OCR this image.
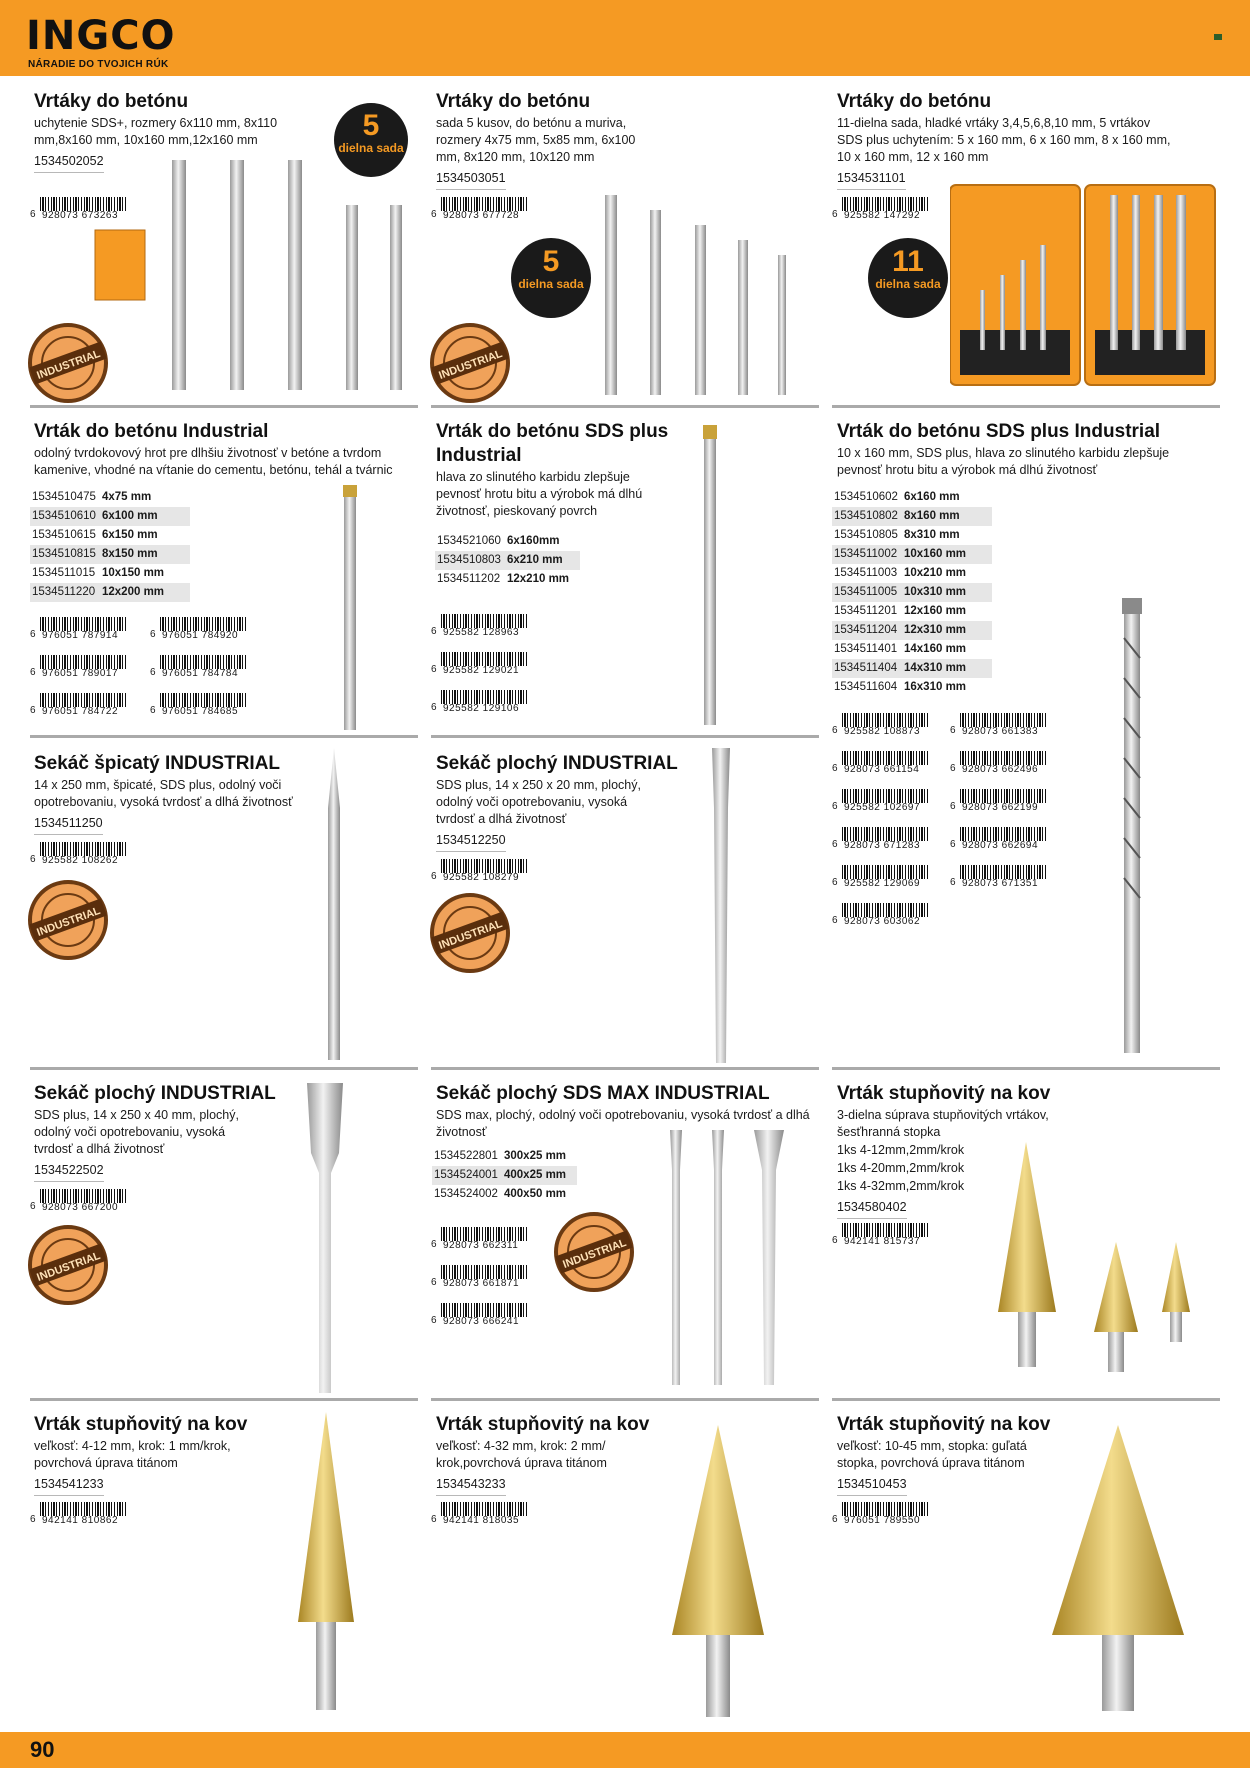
INGCO
NÁRADIE DO TVOJICH RÚK
Vrtáky do betónu

uchytenie SDS+, rozmery 6x110 mm, 8x110 mm,8x160 mm, 10x160 mm,12x160 mm

1534502052
6 928073 673263
5
dielna sada
INDUSTRIAL
Vrtáky do betónu

sada 5 kusov, do betónu a muriva, rozmery 4x75 mm, 5x85 mm, 6x100 mm, 8x120 mm, 10x120 mm

1534503051
6 928073 677728
5
dielna sada
INDUSTRIAL
Vrtáky do betónu

11-dielna sada, hladké vrtáky 3,4,5,6,8,10 mm, 5 vrtákov SDS plus uchytením: 5 x 160 mm, 6 x 160 mm, 8 x 160 mm, 10 x 160 mm, 12 x 160 mm

1534531101
6 925582 147292
11
dielna sada
Vrták do betónu Industrial

odolný tvrdokovový hrot pre dlhšiu životnosť v betóne a tvrdom kamenive, vhodné na vŕtanie do cementu, betónu, tehál a tvárnic

1534510475 4x75 mm
1534510610 6x100 mm
1534510615 6x150 mm
1534510815 8x150 mm
1534511015 10x150 mm
1534511220 12x200 mm
6 976051 787914	6 976051 784920
6 976051 789017	6 976051 784784
6 976051 784722	6 976051 784685
Vrták do betónu SDS plus Industrial

hlava zo slinutého karbidu zlepšuje pevnosť hrotu bitu a výrobok má dlhú životnosť, pieskovaný povrch

1534521060 6x160mm
1534510803 6x210 mm
1534511202 12x210 mm
6 925582 128963
6 925582 129021
6 925582 129106
Vrták do betónu SDS plus Industrial

10 x 160 mm, SDS plus, hlava zo slinutého karbidu zlepšuje pevnosť hrotu bitu a výrobok má dlhú životnosť

1534510602 6x160 mm
1534510802 8x160 mm
1534510805 8x310 mm
1534511002 10x160 mm
1534511003 10x210 mm
1534511005 10x310 mm
1534511201 12x160 mm
1534511204 12x310 mm
1534511401 14x160 mm
1534511404 14x310 mm
1534511604 16x310 mm
6 925582 108873	6 928073 661383
6 928073 661154	6 928073 662496
6 925582 102697	6 928073 662199
6 928073 671283	6 928073 662694
6 925582 129069	6 928073 671351
6 928073 603062
Sekáč špicatý INDUSTRIAL

14 x 250 mm, špicaté, SDS plus, odolný voči opotrebovaniu, vysoká tvrdosť a dlhá životnosť

1534511250
6 925582 108262
INDUSTRIAL
Sekáč plochý INDUSTRIAL

SDS plus, 14 x 250 x 20 mm, plochý, odolný voči opotrebovaniu, vysoká tvrdosť a dlhá životnosť

1534512250
6 925582 108279
INDUSTRIAL
Sekáč plochý INDUSTRIAL

SDS plus, 14 x 250 x 40 mm, plochý, odolný voči opotrebovaniu, vysoká tvrdosť a dlhá životnosť

1534522502
6 928073 667200
INDUSTRIAL
Sekáč plochý SDS MAX INDUSTRIAL

SDS max, plochý, odolný voči opotrebovaniu, vysoká tvrdosť a dlhá životnosť

1534522801 300x25 mm
1534524001 400x25 mm
1534524002 400x50 mm
6 928073 662311
6 928073 661871
6 928073 666241
INDUSTRIAL
Vrták stupňovitý na kov

3-dielna súprava stupňovitých vrtákov, šesťhranná stopka

1ks 4-12mm,2mm/krok

1ks 4-20mm,2mm/krok

1ks 4-32mm,2mm/krok

1534580402
6 942141 815737
Vrták stupňovitý na kov

veľkosť: 4-12 mm, krok: 1 mm/krok, povrchová úprava titánom

1534541233
6 942141 810862
Vrták stupňovitý na kov

veľkosť: 4-32 mm, krok: 2 mm/ krok,povrchová úprava titánom

1534543233
6 942141 818035
Vrták stupňovitý na kov

veľkosť: 10-45 mm, stopka: guľatá stopka, povrchová úprava titánom

1534510453
6 976051 789550
90
